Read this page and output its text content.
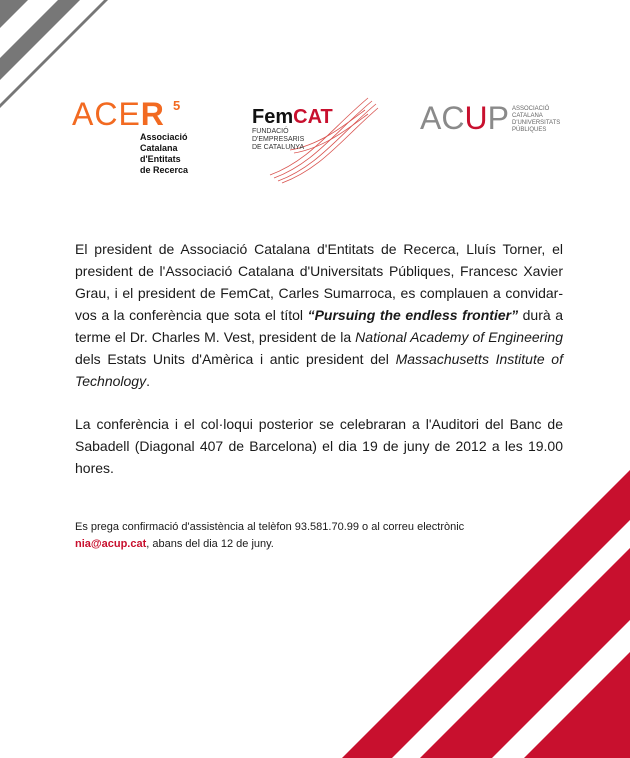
ACER 5
Associació
Catalana
d'Entitats
de Recerca
FemCAT
FUNDACIÓ D'EMPRESARIS
DE CATALUNYA
ACUP ASSOCIACIÓ
CATALANA
D'UNIVERSITATS
PÚBLIQUES

El president de Associació Catalana d'Entitats de Recerca, Lluís Torner, el president de l'Associació Catalana d'Universitats Públiques, Francesc Xavier Grau, i el president de FemCat, Carles Sumarroca, es complauen a convidar-vos a la conferència que sota el títol “Pursuing the endless frontier” durà a terme el Dr. Charles M. Vest, president de la National Academy of Engineering dels Estats Units d'Amèrica i antic president del Massachusetts Institute of Technology.

La conferència i el col·loqui posterior se celebraran a l'Auditori del Banc de Sabadell (Diagonal 407 de Barcelona) el dia 19 de juny de 2012 a les 19.00 hores.

Es prega confirmació d'assistència al telèfon 93.581.70.99 o al correu electrònic
nia@acup.cat, abans del dia 12 de juny.
